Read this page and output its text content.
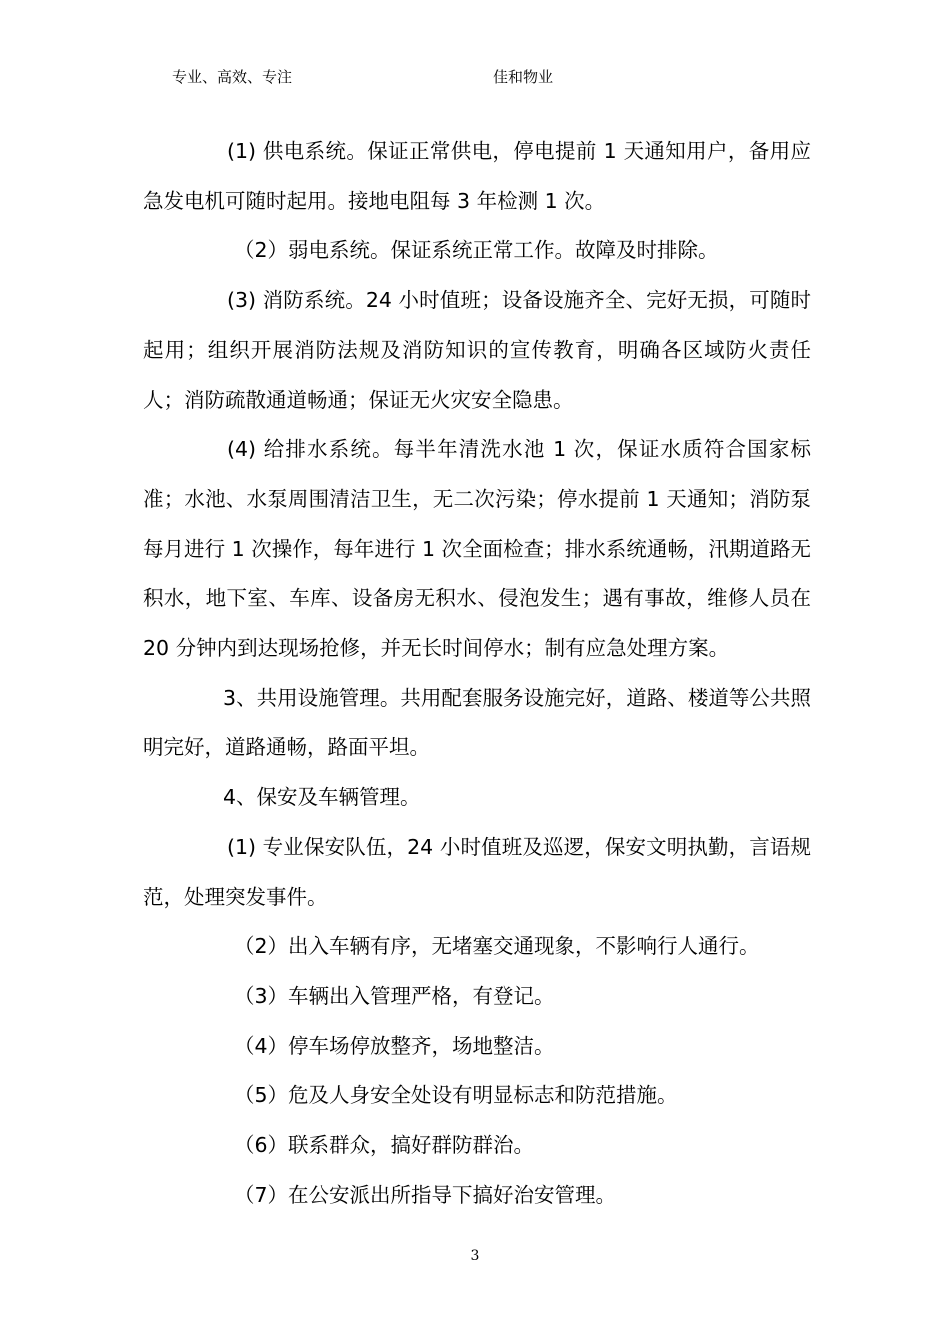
专业、高效、专注	佳和物业

(1) 供电系统。保证正常供电，停电提前 1 天通知用户，备用应急发电机可随时起用。接地电阻每 3 年检测 1 次。

（2）弱电系统。保证系统正常工作。故障及时排除。

(3) 消防系统。24 小时值班；设备设施齐全、完好无损，可随时起用；组织开展消防法规及消防知识的宣传教育，明确各区域防火责任人；消防疏散通道畅通；保证无火灾安全隐患。

(4) 给排水系统。每半年清洗水池 1 次，保证水质符合国家标准；水池、水泵周围清洁卫生，无二次污染；停水提前 1 天通知；消防泵每月进行 1 次操作，每年进行 1 次全面检查；排水系统通畅，汛期道路无积水，地下室、车库、设备房无积水、侵泡发生；遇有事故，维修人员在 20 分钟内到达现场抢修，并无长时间停水；制有应急处理方案。

3、共用设施管理。共用配套服务设施完好，道路、楼道等公共照明完好，道路通畅，路面平坦。

4、保安及车辆管理。

(1) 专业保安队伍，24 小时值班及巡逻，保安文明执勤，言语规范，处理突发事件。

（2）出入车辆有序，无堵塞交通现象，不影响行人通行。

（3）车辆出入管理严格，有登记。

（4）停车场停放整齐，场地整洁。

（5）危及人身安全处设有明显标志和防范措施。

（6）联系群众，搞好群防群治。

（7）在公安派出所指导下搞好治安管理。

3
